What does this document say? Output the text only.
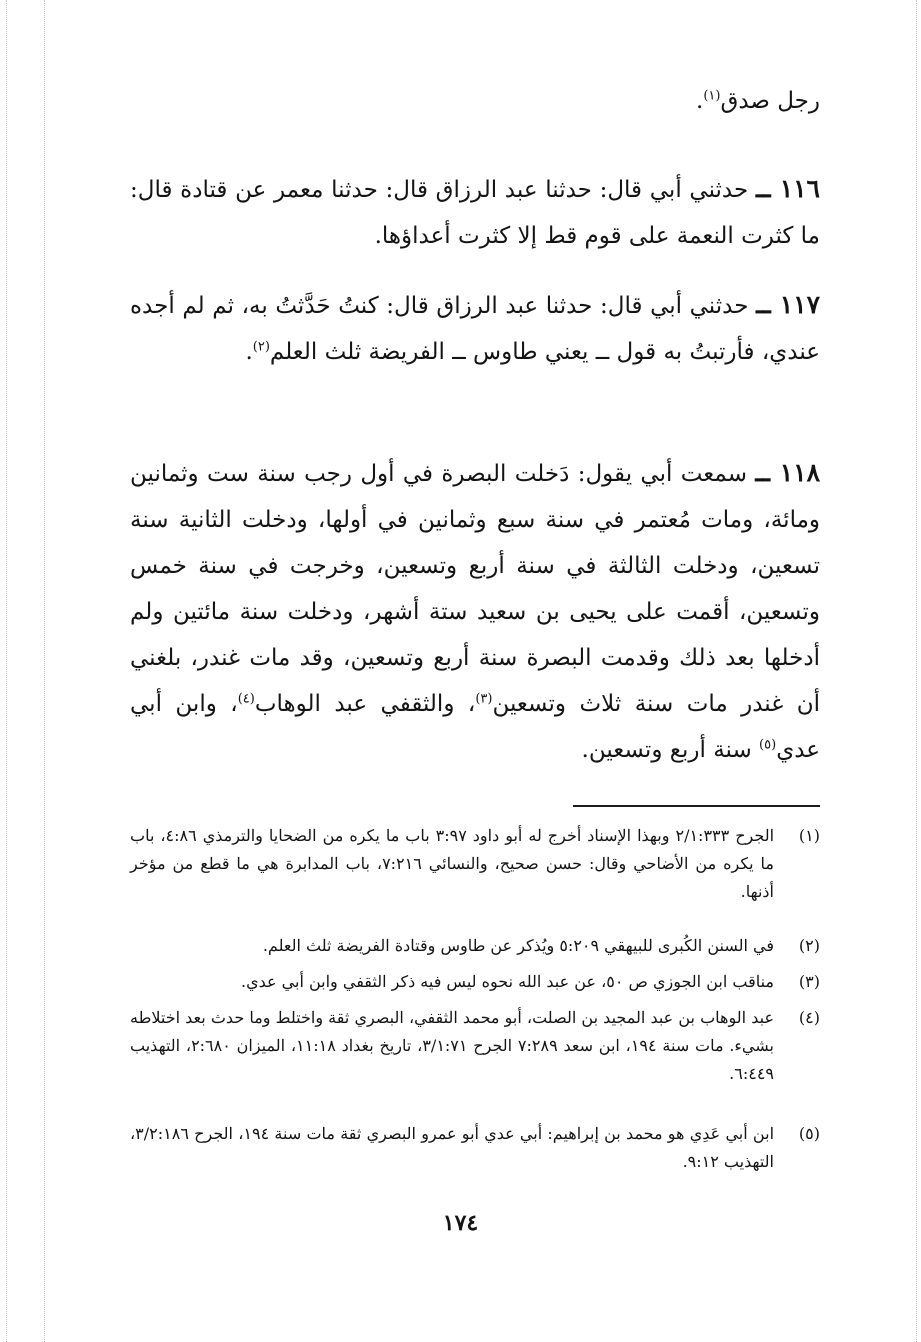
رجل صدق$^{(١)}$.
١١٦ ــ حدثني أبي قال: حدثنا عبد الرزاق قال: حدثنا معمر عن قتادة قال: ما كثرت النعمة على قوم قط إلا كثرت أعداؤها.
١١٧ ــ حدثني أبي قال: حدثنا عبد الرزاق قال: كنتُ حَدَّثتُ به، ثم لم أجده عندي، فأرتبتُ به قول ــ يعني طاوس ــ الفريضة ثلث العلم$^{(٢)}$.
١١٨ ــ سمعت أبي يقول: دَخلت البصرة في أول رجب سنة ست وثمانين ومائة، ومات مُعتمر في سنة سبع وثمانين في أولها، ودخلت الثانية سنة تسعين، ودخلت الثالثة في سنة أربع وتسعين، وخرجت في سنة خمس وتسعين، أقمت على يحيى بن سعيد ستة أشهر، ودخلت سنة مائتين ولم أدخلها بعد ذلك وقدمت البصرة سنة أربع وتسعين، وقد مات غندر، بلغني أن غندر مات سنة ثلاث وتسعين$^{(٣)}$، والثقفي عبد الوهاب$^{(٤)}$، وابن أبي عدي$^{(٥)}$ سنة أربع وتسعين.
(١)
الجرح ٢/١:٣٣٣ وبهذا الإسناد أخرج له أبو داود ٣:٩٧ باب ما يكره من الضحايا والترمذي ٤:٨٦، باب ما يكره من الأضاحي وقال: حسن صحيح، والنسائي ٧:٢١٦، باب المدابرة هي ما قطع من مؤخر أذنها.
(٢)
في السنن الكُبرى للبيهقي ٥:٢٠٩ ويُذكر عن طاوس وقتادة الفريضة ثلث العلم.
(٣)
مناقب ابن الجوزي ص ٥٠، عن عبد الله نحوه ليس فيه ذكر الثقفي وابن أبي عدي.
(٤)
عبد الوهاب بن عبد المجيد بن الصلت، أبو محمد الثقفي، البصري ثقة واختلط وما حدث بعد اختلاطه بشيء. مات سنة ١٩٤، ابن سعد ٧:٢٨٩ الجرح ٣/١:٧١، تاريخ بغداد ١١:١٨، الميزان ٢:٦٨٠، التهذيب ٦:٤٤٩.
(٥)
ابن أبي عَدِي هو محمد بن إبراهيم: أبي عدي أبو عمرو البصري ثقة مات سنة ١٩٤، الجرح ٣/٢:١٨٦، التهذيب ٩:١٢.
١٧٤
